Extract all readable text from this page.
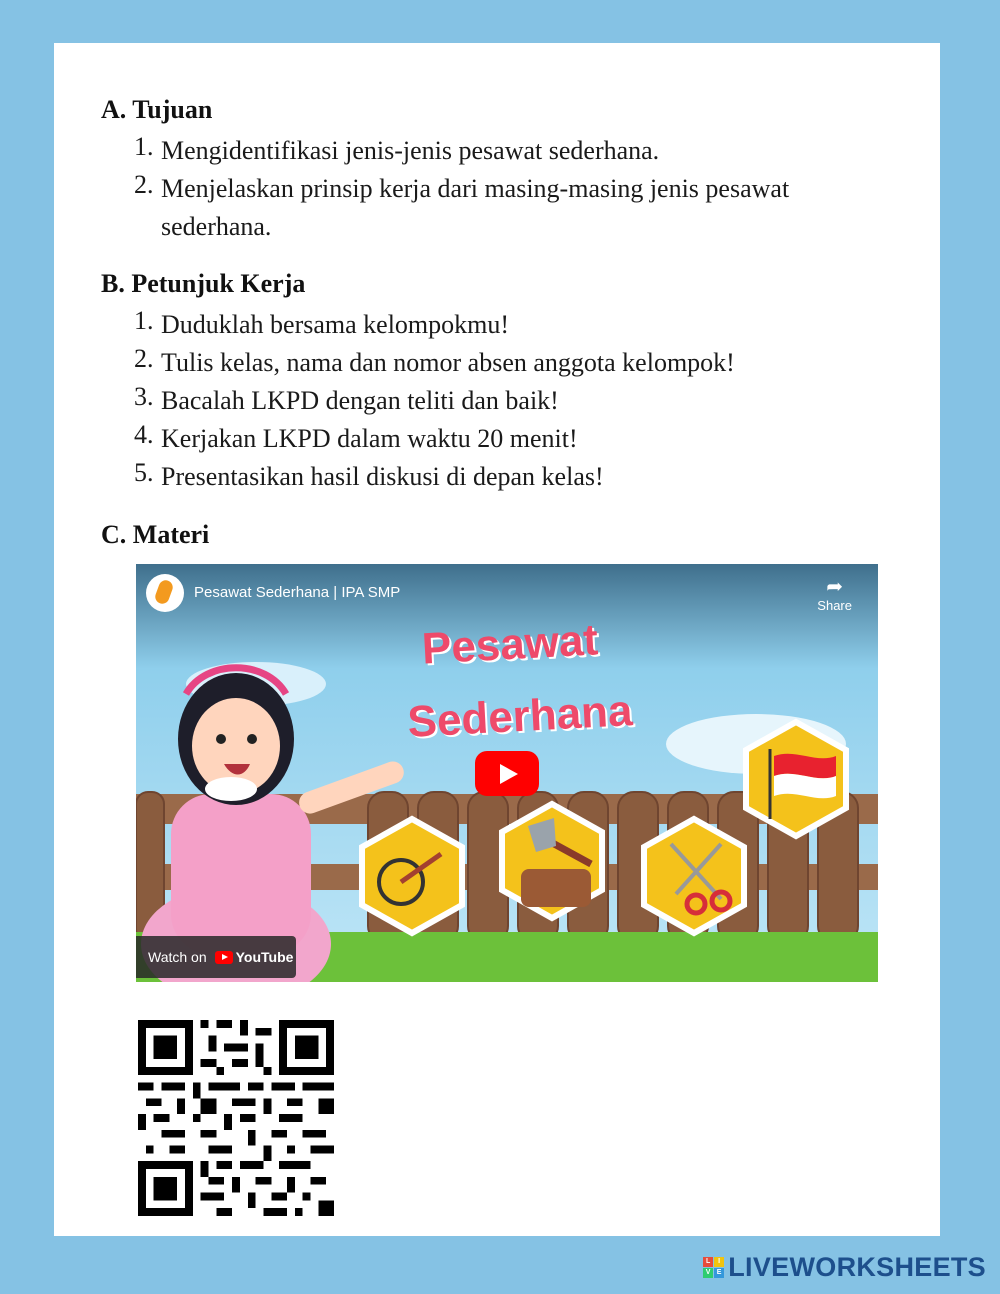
A. Tujuan
1. Mengidentifikasi jenis-jenis pesawat sederhana.
2. Menjelaskan prinsip kerja dari masing-masing jenis pesawat sederhana.
B. Petunjuk Kerja
1. Duduklah bersama kelompokmu!
2. Tulis kelas, nama dan nomor absen anggota kelompok!
3. Bacalah LKPD dengan teliti dan baik!
4. Kerjakan LKPD dalam waktu 20 menit!
5. Presentasikan hasil diskusi di depan kelas!
C. Materi
Pesawat
Sederhana
Pesawat Sederhana | IPA SMP	➦
Share
Watch on YouTube
L	I
V E LIVEWORKSHEETS
